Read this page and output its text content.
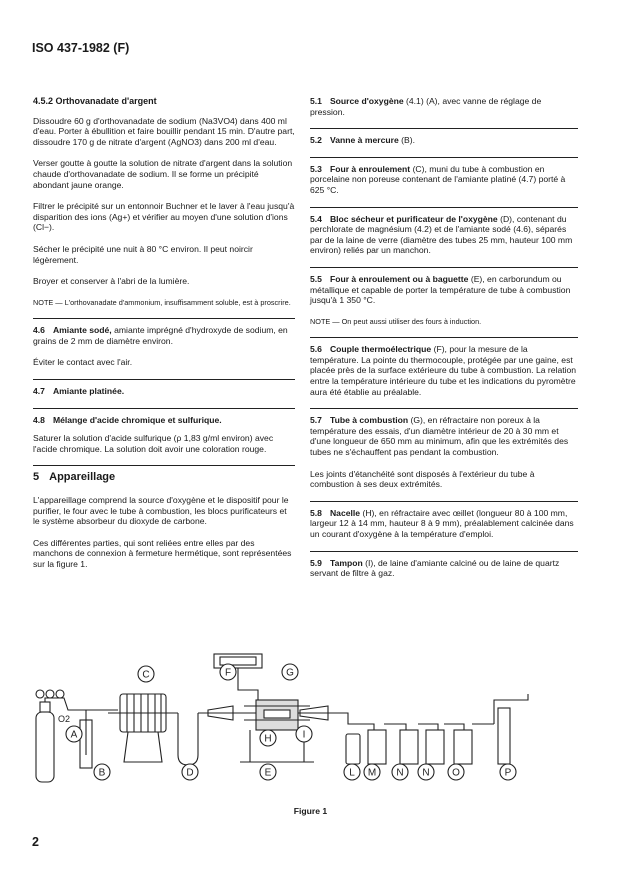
ISO 437-1982 (F)

4.5.2 Orthovanadate d'argent

Dissoudre 60 g d'orthovanadate de sodium (Na3VO4) dans 400 ml d'eau. Porter à ébullition et faire bouillir pendant 15 min. D'autre part, dissoudre 170 g de nitrate d'argent (AgNO3) dans 200 ml d'eau.

Verser goutte à goutte la solution de nitrate d'argent dans la solution chaude d'orthovanadate de sodium. Il se forme un précipité abondant jaune orange.

Filtrer le précipité sur un entonnoir Buchner et le laver à l'eau jusqu'à disparition des ions (Ag+) et vérifier au moyen d'une solution d'ions (Cl−).

Sécher le précipité une nuit à 80 °C environ. Il peut noircir légèrement.

Broyer et conserver à l'abri de la lumière.

NOTE — L'orthovanadate d'ammonium, insuffisamment soluble, est à proscrire.

4.6 Amiante sodé, amiante imprégné d'hydroxyde de sodium, en grains de 2 mm de diamètre environ.

Éviter le contact avec l'air.

4.7 Amiante platinée.

4.8 Mélange d'acide chromique et sulfurique.

Saturer la solution d'acide sulfurique (ρ 1,83 g/ml environ) avec l'acide chromique. La solution doit avoir une coloration rouge.

5 Appareillage

L'appareillage comprend la source d'oxygène et le dispositif pour le purifier, le four avec le tube à combustion, les blocs purificateurs et le système absorbeur du dioxyde de carbone.

Ces différentes parties, qui sont reliées entre elles par des manchons de connexion à fermeture hermétique, sont représentées sur la figure 1.

5.1 Source d'oxygène (4.1) (A), avec vanne de réglage de pression.

5.2 Vanne à mercure (B).

5.3 Four à enroulement (C), muni du tube à combustion en porcelaine non poreuse contenant de l'amiante platiné (4.7) porté à 625 °C.

5.4 Bloc sécheur et purificateur de l'oxygène (D), contenant du perchlorate de magnésium (4.2) et de l'amiante sodé (4.6), séparés par de la laine de verre (diamètre des tubes 25 mm, hauteur 100 mm environ) reliés par un manchon.

5.5 Four à enroulement ou à baguette (E), en carborundum ou métallique et capable de porter la température de tube à combustion jusqu'à 1 350 °C.

NOTE — On peut aussi utiliser des fours à induction.

5.6 Couple thermoélectrique (F), pour la mesure de la température. La pointe du thermocouple, protégée par une gaine, est placée près de la surface extérieure du tube à combustion. La relation entre la température intérieure du tube et les indications du pyromètre aura été établie au préalable.

5.7 Tube à combustion (G), en réfractaire non poreux à la température des essais, d'un diamètre intérieur de 20 à 30 mm et d'une longueur de 650 mm au minimum, afin que les extrémités des tubes ne s'échauffent pas pendant la combustion.

Les joints d'étanchéité sont disposés à l'extérieur du tube à combustion à ses deux extrémités.

5.8 Nacelle (H), en réfractaire avec œillet (longueur 80 à 100 mm, largeur 12 à 14 mm, hauteur 8 à 9 mm), préalablement calcinée dans un courant d'oxygène à la température d'emploi.

5.9 Tampon (I), de laine d'amiante calciné ou de laine de quartz servant de filtre à gaz.

O2
A
B
C
D	E
F	G
H	I
L M N N O	P
Figure 1
2
